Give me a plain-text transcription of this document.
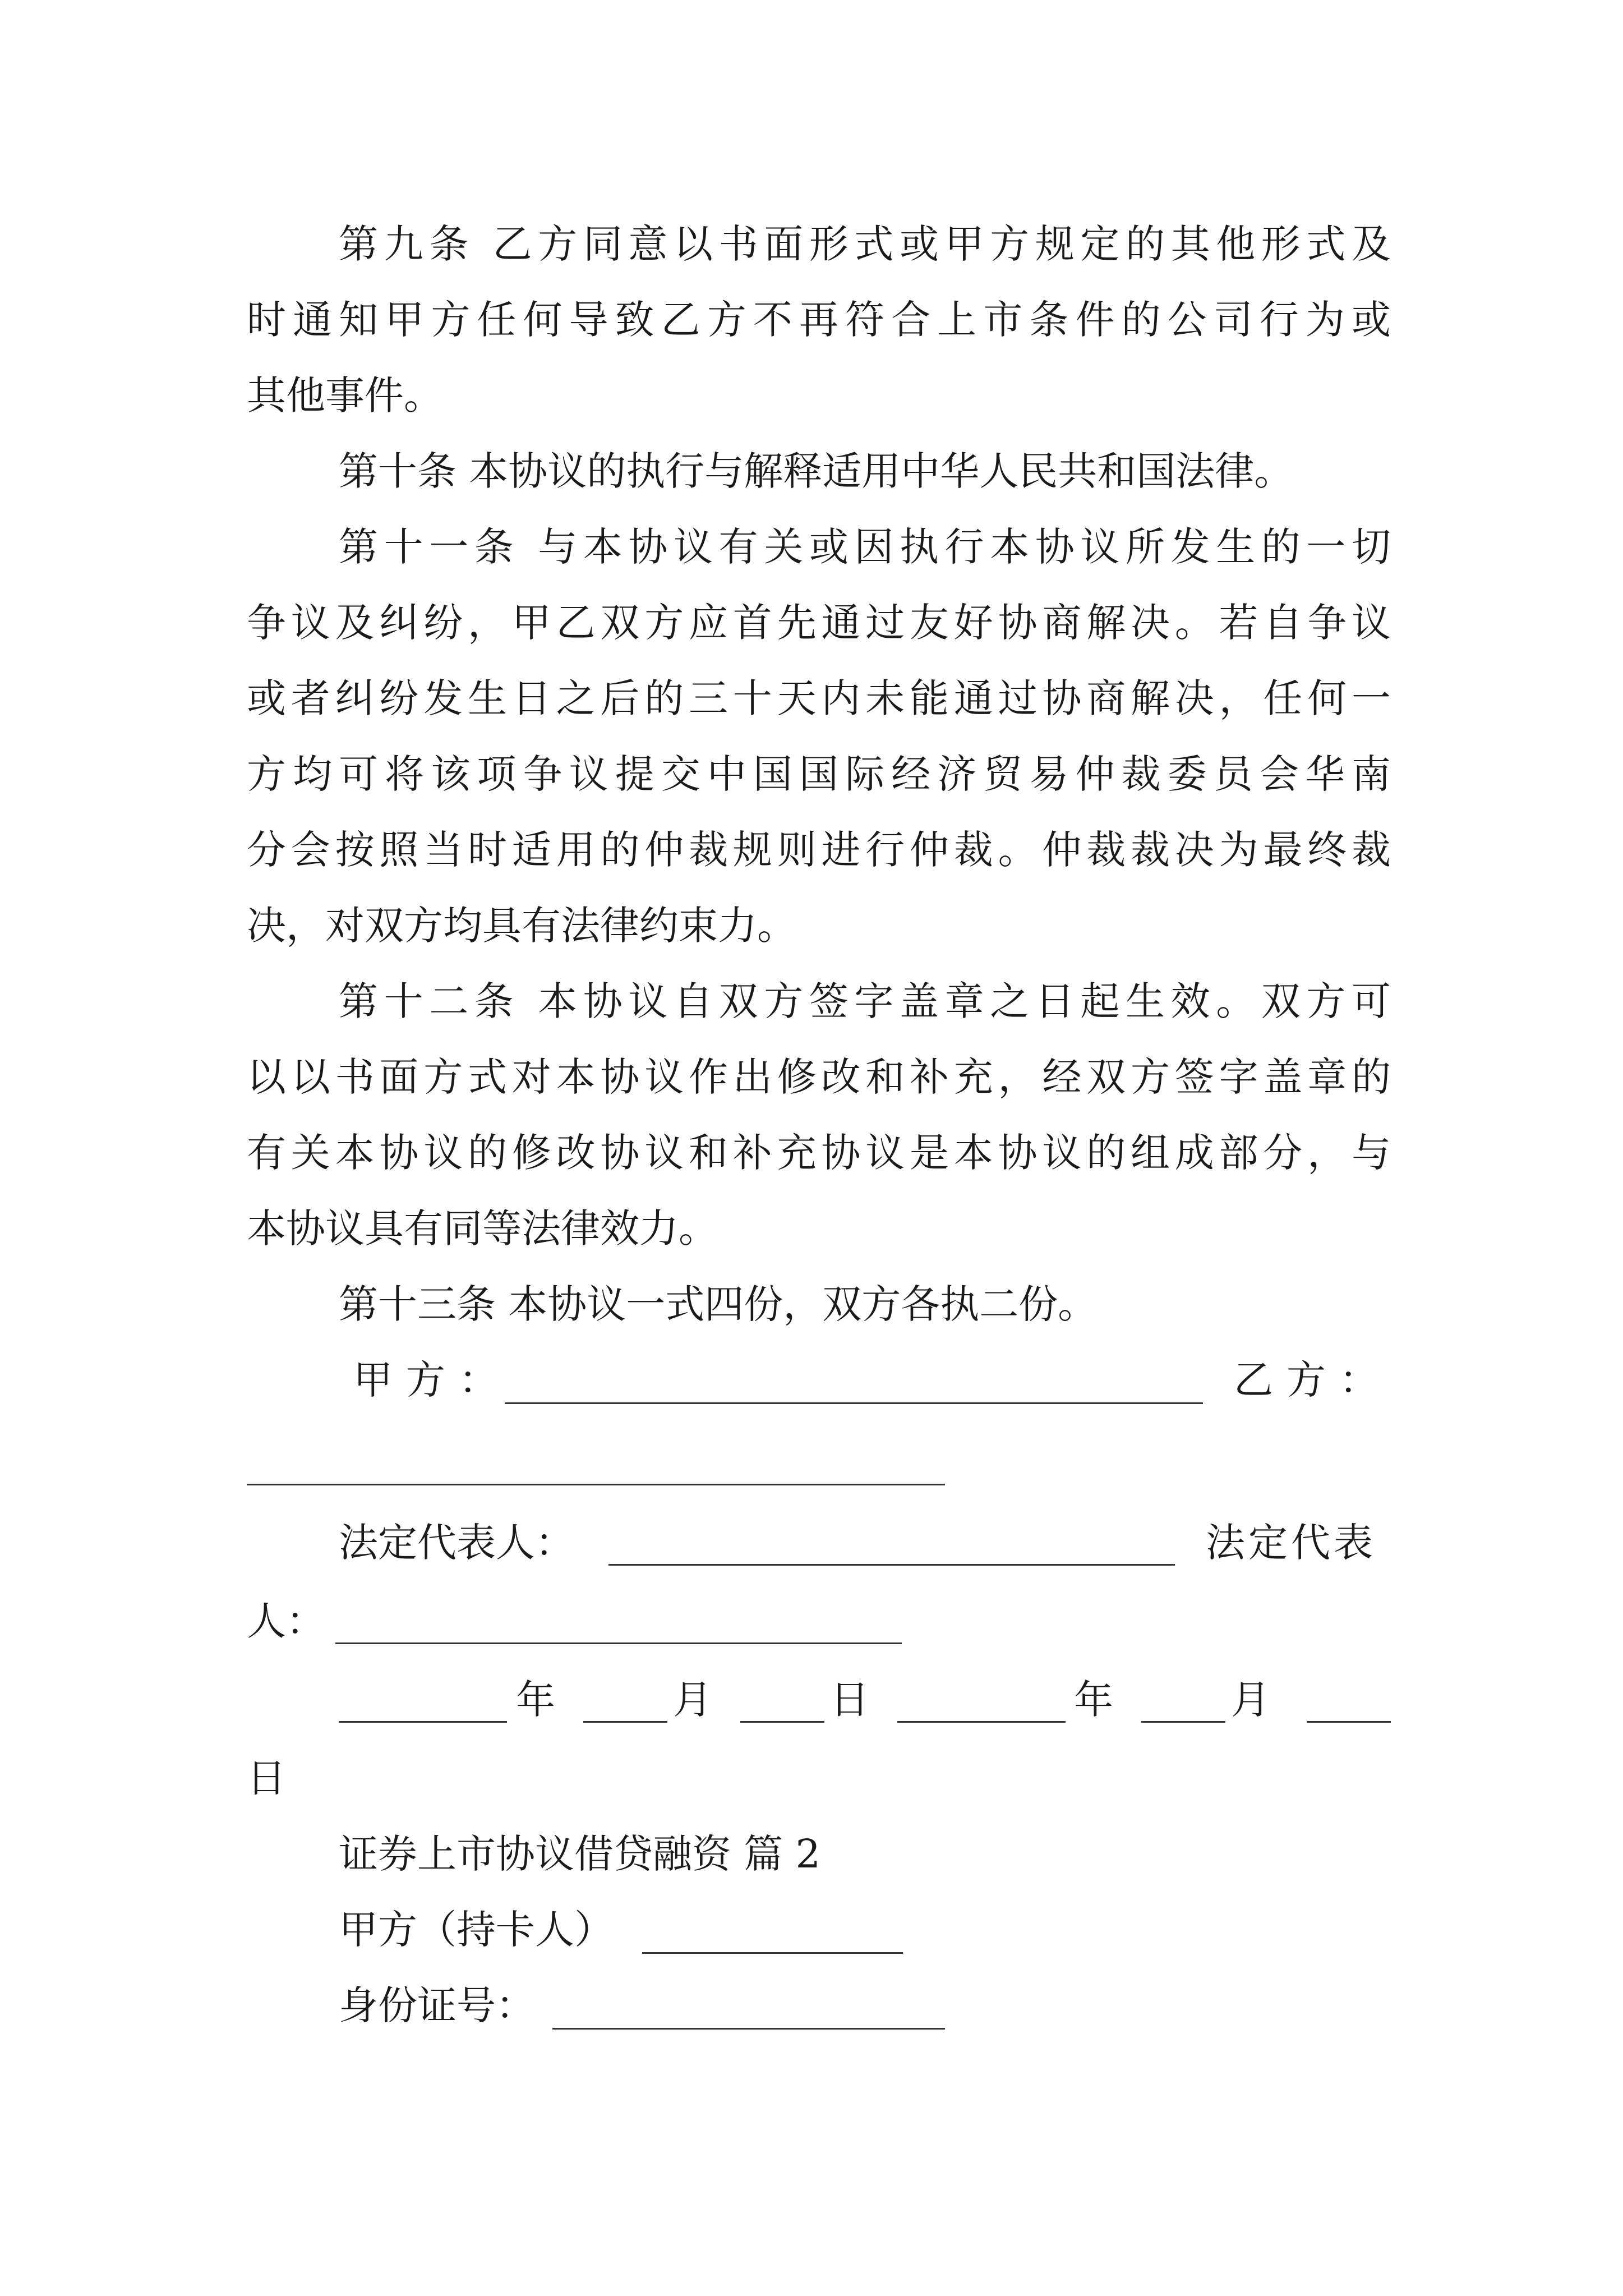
第九条 乙方同意以书面形式或甲方规定的其他形式及
时通知甲方任何导致乙方不再符合上市条件的公司行为或
其他事件。
第十条 本协议的执行与解释适用中华人民共和国法律。
第十一条 与本协议有关或因执行本协议所发生的一切
争议及纠纷，甲乙双方应首先通过友好协商解决。若自争议
或者纠纷发生日之后的三十天内未能通过协商解决，任何一
方均可将该项争议提交中国国际经济贸易仲裁委员会华南
分会按照当时适用的仲裁规则进行仲裁。仲裁裁决为最终裁
决，对双方均具有法律约束力。
第十二条 本协议自双方签字盖章之日起生效。双方可
以以书面方式对本协议作出修改和补充，经双方签字盖章的
有关本协议的修改协议和补充协议是本协议的组成部分，与
本协议具有同等法律效力。
第十三条 本协议一式四份，双方各执二份。
甲方：	乙方：
法定代表人：	法定代表
人：
年	月	日	年	月
日
证券上市协议借贷融资 篇 2
甲方（持卡人）
身份证号：
